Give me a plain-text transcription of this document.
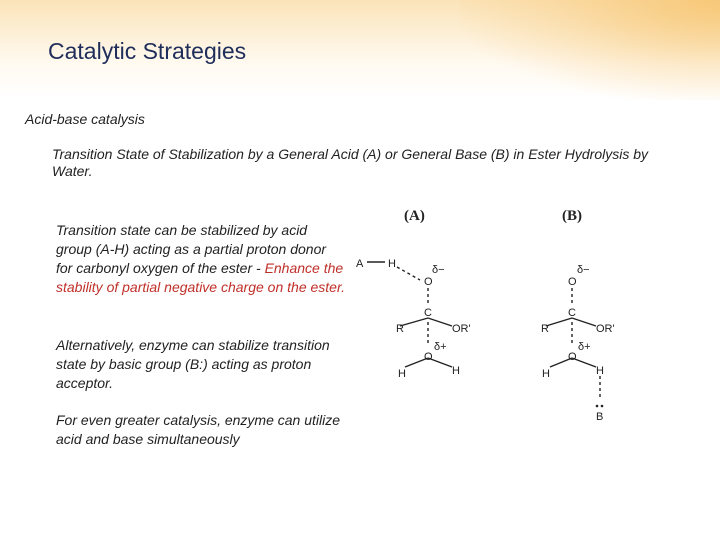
Catalytic Strategies
Acid-base catalysis
Transition State of Stabilization by a General Acid (A) or General Base (B) in Ester Hydrolysis by Water.
Transition state can be stabilized by acid group (A-H) acting as a partial proton donor for carbonyl oxygen of the ester - Enhance the stability of partial negative charge on the ester.
Alternatively, enzyme can stabilize transition state by basic group (B:) acting as proton acceptor.
For even greater catalysis, enzyme can utilize acid and base simultaneously
(A)
A H	δ−
O
C
R	OR'
δ+
O
H	H
(B)
δ−
O
C
R	OR'
δ+
O
H	H
B
